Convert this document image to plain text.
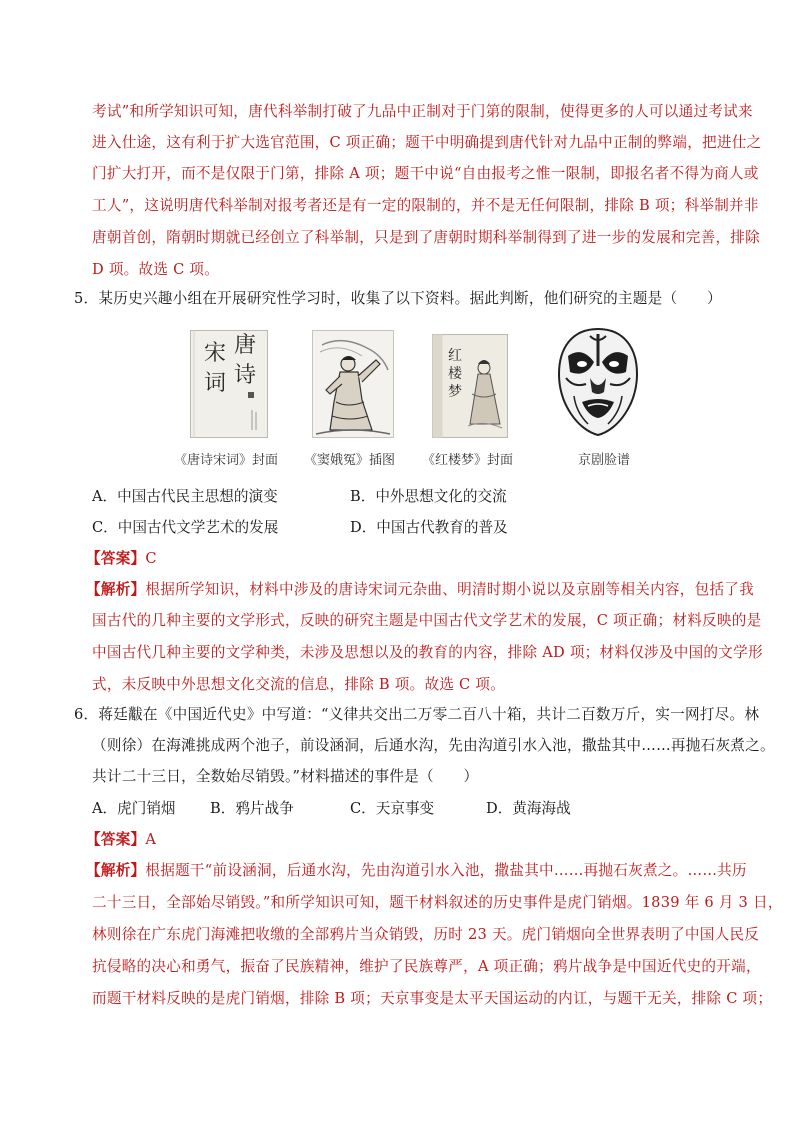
考试”和所学知识可知，唐代科举制打破了九品中正制对于门第的限制，使得更多的人可以通过考试来
进入仕途，这有利于扩大选官范围，C 项正确；题干中明确提到唐代针对九品中正制的弊端，把进仕之
门扩大打开，而不是仅限于门第，排除 A 项；题干中说“自由报考之惟一限制，即报名者不得为商人或
工人”，这说明唐代科举制对报考者还是有一定的限制的，并不是无任何限制，排除 B 项；科举制并非
唐朝首创，隋朝时期就已经创立了科举制，只是到了唐朝时期科举制得到了进一步的发展和完善，排除
D 项。故选 C 项。
5．某历史兴趣小组在开展研究性学习时，收集了以下资料。据此判断，他们研究的主题是（　　）
宋 唐
词 诗
红
楼
梦
《唐诗宋词》封面 《窦娥冤》插图 《红楼梦》封面	京剧脸谱
A．中国古代民主思想的演变	B．中外思想文化的交流
C．中国古代文学艺术的发展	D．中国古代教育的普及
【答案】C
【解析】根据所学知识，材料中涉及的唐诗宋词元杂曲、明清时期小说以及京剧等相关内容，包括了我
国古代的几种主要的文学形式，反映的研究主题是中国古代文学艺术的发展，C 项正确；材料反映的是
中国古代几种主要的文学种类，未涉及思想以及的教育的内容，排除 AD 项；材料仅涉及中国的文学形
式，未反映中外思想文化交流的信息，排除 B 项。故选 C 项。
6．蒋廷黻在《中国近代史》中写道：“义律共交出二万零二百八十箱，共计二百数万斤，实一网打尽。林
（则徐）在海滩挑成两个池子，前设涵洞，后通水沟，先由沟道引水入池，撒盐其中……再抛石灰煮之。
共计二十三日，全数始尽销毁。”材料描述的事件是（　　）
A．虎门销烟 B．鸦片战争	C．天京事变	D．黄海海战
【答案】A
【解析】根据题干“前设涵洞，后通水沟，先由沟道引水入池，撒盐其中……再抛石灰煮之。……共历
二十三日，全部始尽销毁。”和所学知识可知，题干材料叙述的历史事件是虎门销烟。1839 年 6 月 3 日，
林则徐在广东虎门海滩把收缴的全部鸦片当众销毁，历时 23 天。虎门销烟向全世界表明了中国人民反
抗侵略的决心和勇气，振奋了民族精神，维护了民族尊严，A 项正确；鸦片战争是中国近代史的开端，
而题干材料反映的是虎门销烟，排除 B 项；天京事变是太平天国运动的内讧，与题干无关，排除 C 项；
